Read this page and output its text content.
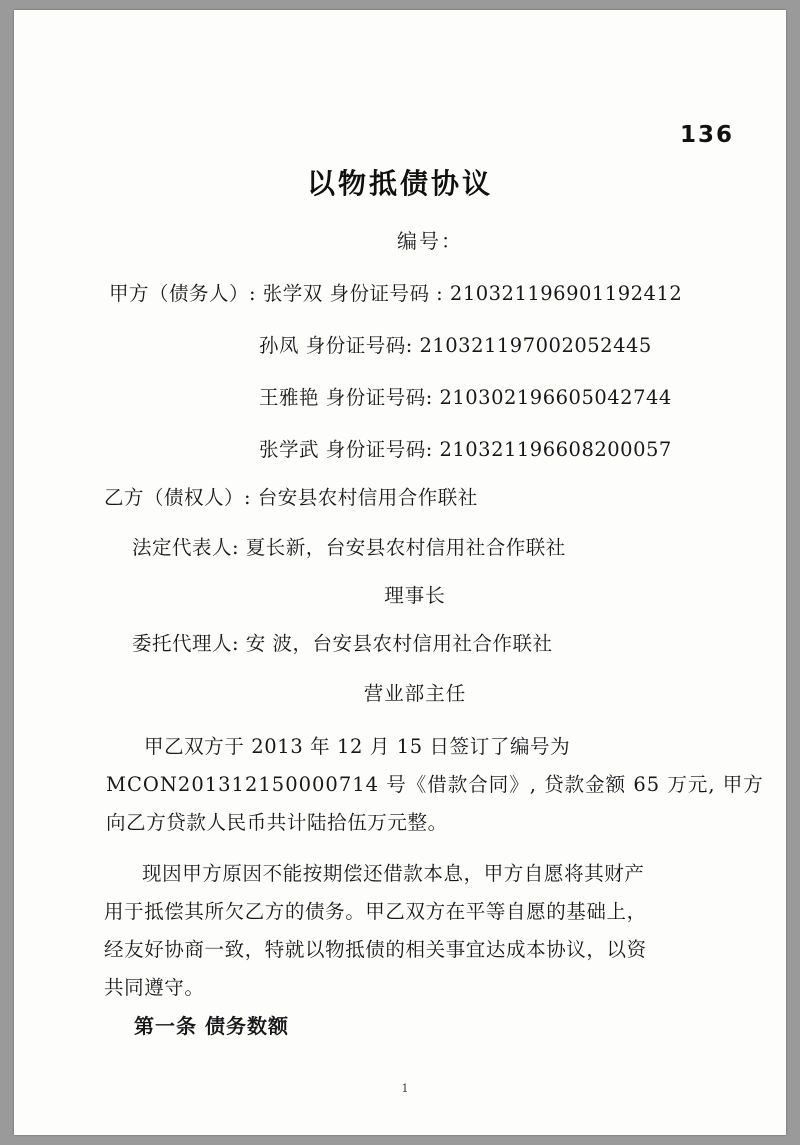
136
以物抵债协议
编号：
甲方（债务人）: 张学双 身份证号码 : 210321196901192412
孙凤 身份证号码: 210321197002052445
王雅艳 身份证号码: 210302196605042744
张学武 身份证号码: 210321196608200057
乙方（债权人）: 台安县农村信用合作联社
法定代表人: 夏长新，台安县农村信用社合作联社
理事长
委托代理人: 安 波，台安县农村信用社合作联社
营业部主任
甲乙双方于 2013 年 12 月 15 日签订了编号为
MCON201312150000714 号《借款合同》, 贷款金额 65 万元, 甲方
向乙方贷款人民币共计陆拾伍万元整。
现因甲方原因不能按期偿还借款本息，甲方自愿将其财产
用于抵偿其所欠乙方的债务。甲乙双方在平等自愿的基础上，
经友好协商一致，特就以物抵债的相关事宜达成本协议，以资
共同遵守。
第一条 债务数额
1
